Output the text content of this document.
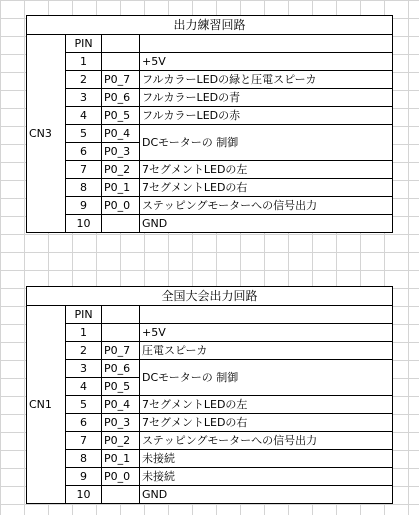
出力練習回路			
CN3	PIN		
	1		+5V
	2	P0_7	フルカラーLEDの緑と圧電スピーカ
	3	P0_6	フルカラーLEDの青
	4	P0_5	フルカラーLEDの赤
	5	P0_4	DCモーターの 制御
	6	P0_3	
	7	P0_2	7セグメントLEDの左
	8	P0_1	7セグメントLEDの右
	9	P0_0	ステッピングモーターへの信号出力
	10		GND
全国大会出力回路			
CN1	PIN		
	1		+5V
	2	P0_7	圧電スピーカ
	3	P0_6	DCモーターの 制御
	4	P0_5	
	5	P0_4	7セグメントLEDの左
	6	P0_3	7セグメントLEDの右
	7	P0_2	ステッピングモーターへの信号出力
	8	P0_1	未接続
	9	P0_0	未接続
	10		GND
